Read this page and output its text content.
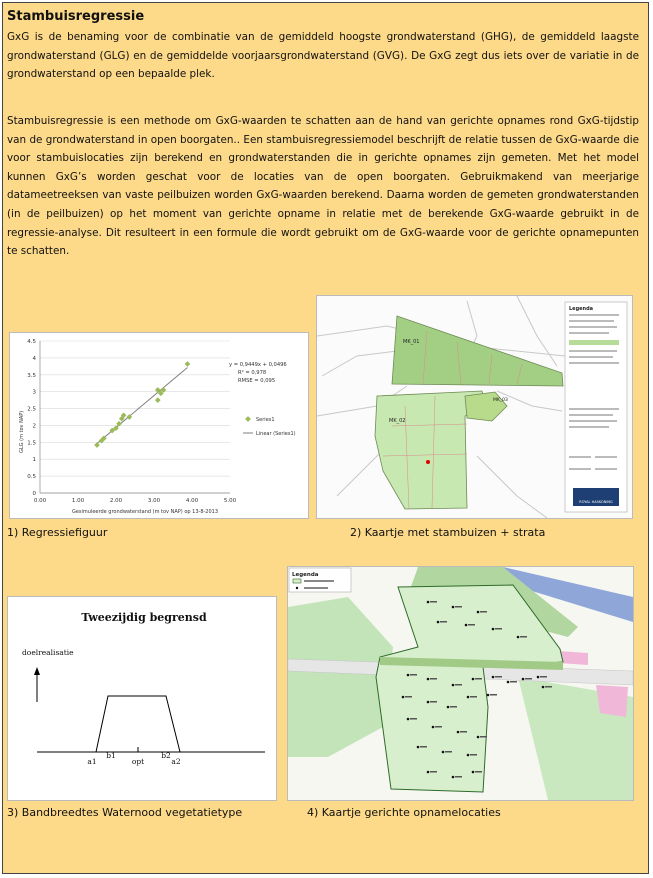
Stambuisregressie

GxG is de benaming voor de combinatie van de gemiddeld hoogste grondwaterstand (GHG), de gemiddeld laagste grondwaterstand (GLG) en de gemiddelde voorjaarsgrondwaterstand (GVG). De GxG zegt dus iets over de variatie in de grondwaterstand op een bepaalde plek.

Stambuisregressie is een methode om GxG-waarden te schatten aan de hand van gerichte opnames rond GxG-tijdstip van de grondwaterstand in open boorgaten.. Een stambuisregressiemodel beschrijft de relatie tussen de GxG-waarde die voor stambuislocaties zijn berekend en grondwaterstanden die in gerichte opnames zijn gemeten. Met het model kunnen GxG’s worden geschat voor de locaties van de open boorgaten. Gebruikmakend van meerjarige datameetreeksen van vaste peilbuizen worden GxG-waarden berekend. Daarna worden de gemeten grondwaterstanden (in de peilbuizen) op het moment van gerichte opname in relatie met de berekende GxG-waarde gebruikt in de regressie-analyse. Dit resulteert in een formule die wordt gebruikt om de GxG-waarde voor de gerichte opnamepunten te schatten.

0
0.5
1
1.5
2
2.5
3
3.5
4
4.5
0.00	1.00	2.00	3.00	4.00	5.00
GLG (m tov NAP)
Gesimuleerde grondwaterstand (m tov NAP) op 13-8-2013
y = 0,9449x + 0,0496
R² = 0,978
RMSE = 0,095
Series1
Linear (Series1)
MK_01
MK_02
MK_03
Legenda
ROYAL HASKONING
1) Regressiefiguur	2) Kaartje met stambuizen + strata
Tweezijdig begrensd
doelrealisatie
a1
b1
opt
b2
a2
Legenda
3) Bandbreedtes Waternood vegetatietype	4) Kaartje gerichte opnamelocaties
